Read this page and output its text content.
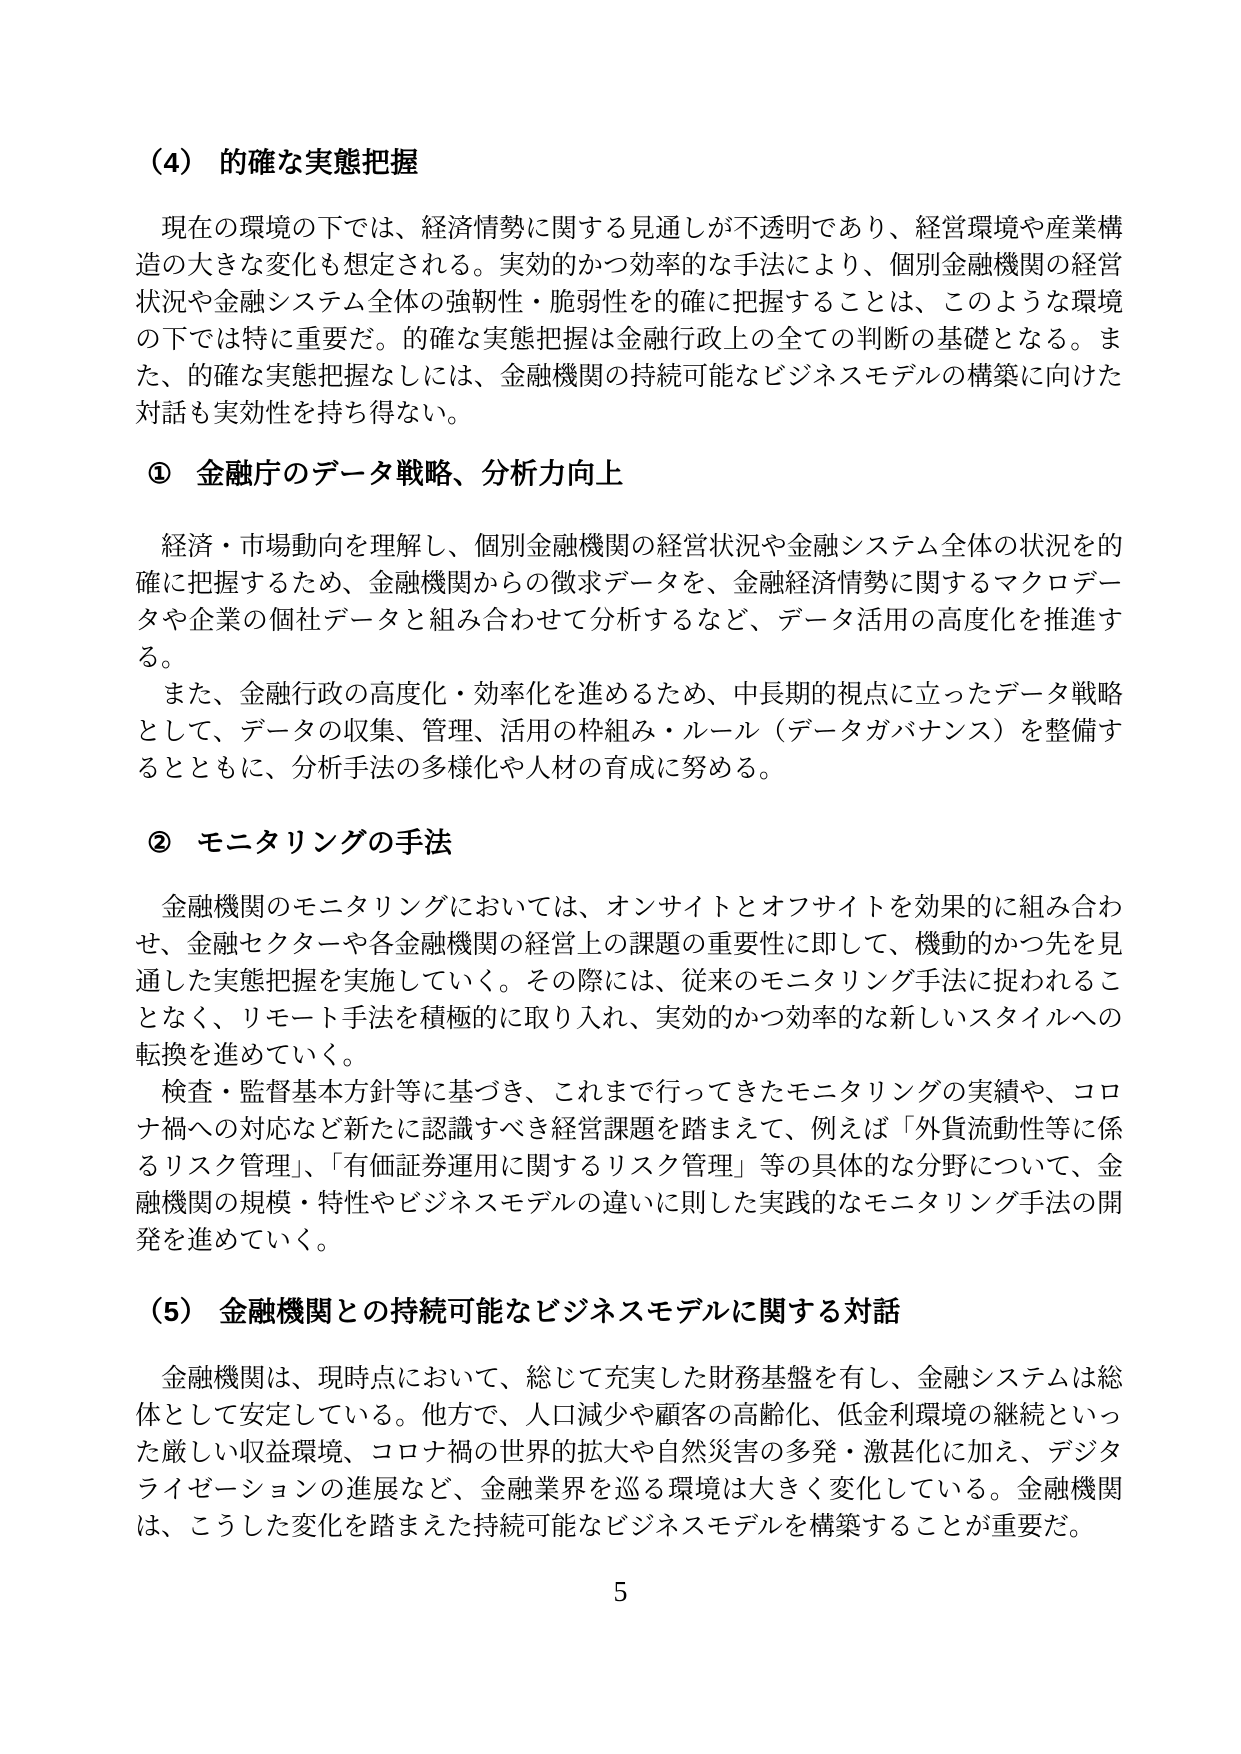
（4） 的確な実態把握

現在の環境の下では、経済情勢に関する見通しが不透明であり、経営環境や産業構造の大きな変化も想定される。実効的かつ効率的な手法により、個別金融機関の経営状況や金融システム全体の強靭性・脆弱性を的確に把握することは、このような環境の下では特に重要だ。的確な実態把握は金融行政上の全ての判断の基礎となる。また、的確な実態把握なしには、金融機関の持続可能なビジネスモデルの構築に向けた対話も実効性を持ち得ない。

① 金融庁のデータ戦略、分析力向上

経済・市場動向を理解し、個別金融機関の経営状況や金融システム全体の状況を的確に把握するため、金融機関からの徴求データを、金融経済情勢に関するマクロデータや企業の個社データと組み合わせて分析するなど、データ活用の高度化を推進する。

また、金融行政の高度化・効率化を進めるため、中長期的視点に立ったデータ戦略として、データの収集、管理、活用の枠組み・ルール（データガバナンス）を整備するとともに、分析手法の多様化や人材の育成に努める。

② モニタリングの手法

金融機関のモニタリングにおいては、オンサイトとオフサイトを効果的に組み合わせ、金融セクターや各金融機関の経営上の課題の重要性に即して、機動的かつ先を見通した実態把握を実施していく。その際には、従来のモニタリング手法に捉われることなく、リモート手法を積極的に取り入れ、実効的かつ効率的な新しいスタイルへの転換を進めていく。

検査・監督基本方針等に基づき、これまで行ってきたモニタリングの実績や、コロナ禍への対応など新たに認識すべき経営課題を踏まえて、例えば「外貨流動性等に係るリスク管理」、「有価証券運用に関するリスク管理」等の具体的な分野について、金融機関の規模・特性やビジネスモデルの違いに則した実践的なモニタリング手法の開発を進めていく。

（5） 金融機関との持続可能なビジネスモデルに関する対話

金融機関は、現時点において、総じて充実した財務基盤を有し、金融システムは総体として安定している。他方で、人口減少や顧客の高齢化、低金利環境の継続といった厳しい収益環境、コロナ禍の世界的拡大や自然災害の多発・激甚化に加え、デジタライゼーションの進展など、金融業界を巡る環境は大きく変化している。金融機関は、こうした変化を踏まえた持続可能なビジネスモデルを構築することが重要だ。

5
